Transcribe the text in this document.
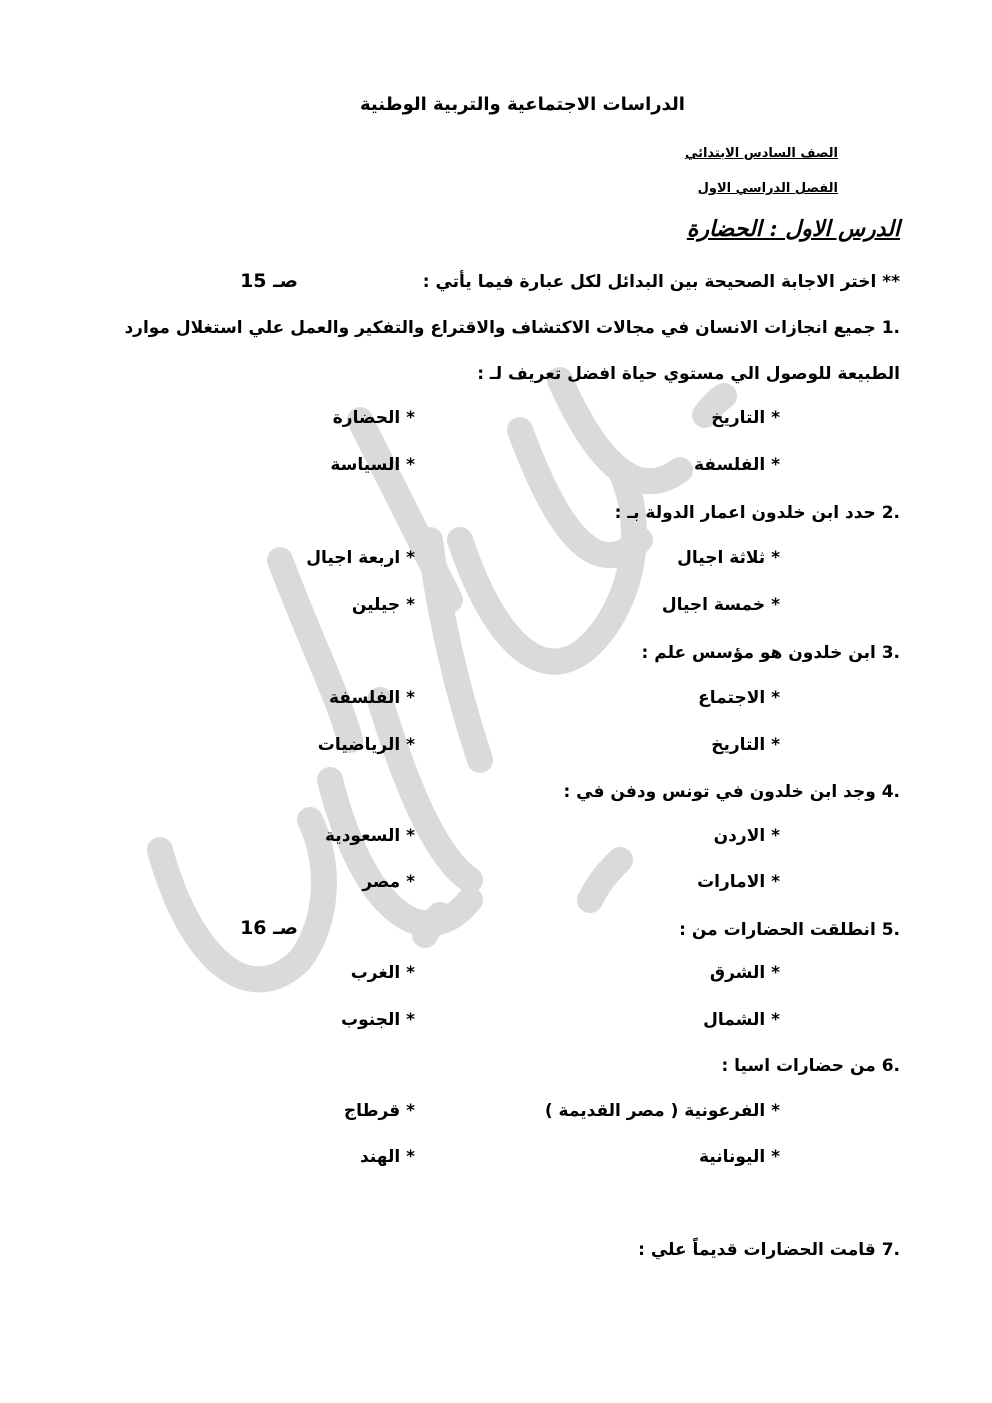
الدراسات الاجتماعية والتربية الوطنية
الصف السادس الابتدائي
الفصل الدراسي الاول
الدرس الاول : الحضارة
** اختر الاجابة الصحيحة بين البدائل لكل عبارة فيما يأتي :
صـ 15
1. جميع انجازات الانسان في مجالات الاكتشاف والاقتراع والتفكير والعمل علي استغلال موارد
الطبيعة للوصول الي مستوي حياة افضل تعريف لـ :
* التاريخ
* الحضارة
* الفلسفة
* السياسة
2. حدد ابن خلدون اعمار الدولة بـ :
* ثلاثة اجيال
* اربعة اجيال
* خمسة اجيال
* جيلين
3. ابن خلدون هو مؤسس علم :
* الاجتماع
* الفلسفة
* التاريخ
* الرياضيات
4. وجد ابن خلدون في تونس ودفن في :
* الاردن
* السعودية
* الامارات
* مصر
5. انطلقت الحضارات من :
صـ 16
* الشرق
* الغرب
* الشمال
* الجنوب
6. من حضارات اسيا :
* الفرعونية ( مصر القديمة )
* قرطاج
* اليونانية
* الهند
7. قامت الحضارات قديماً علي :
